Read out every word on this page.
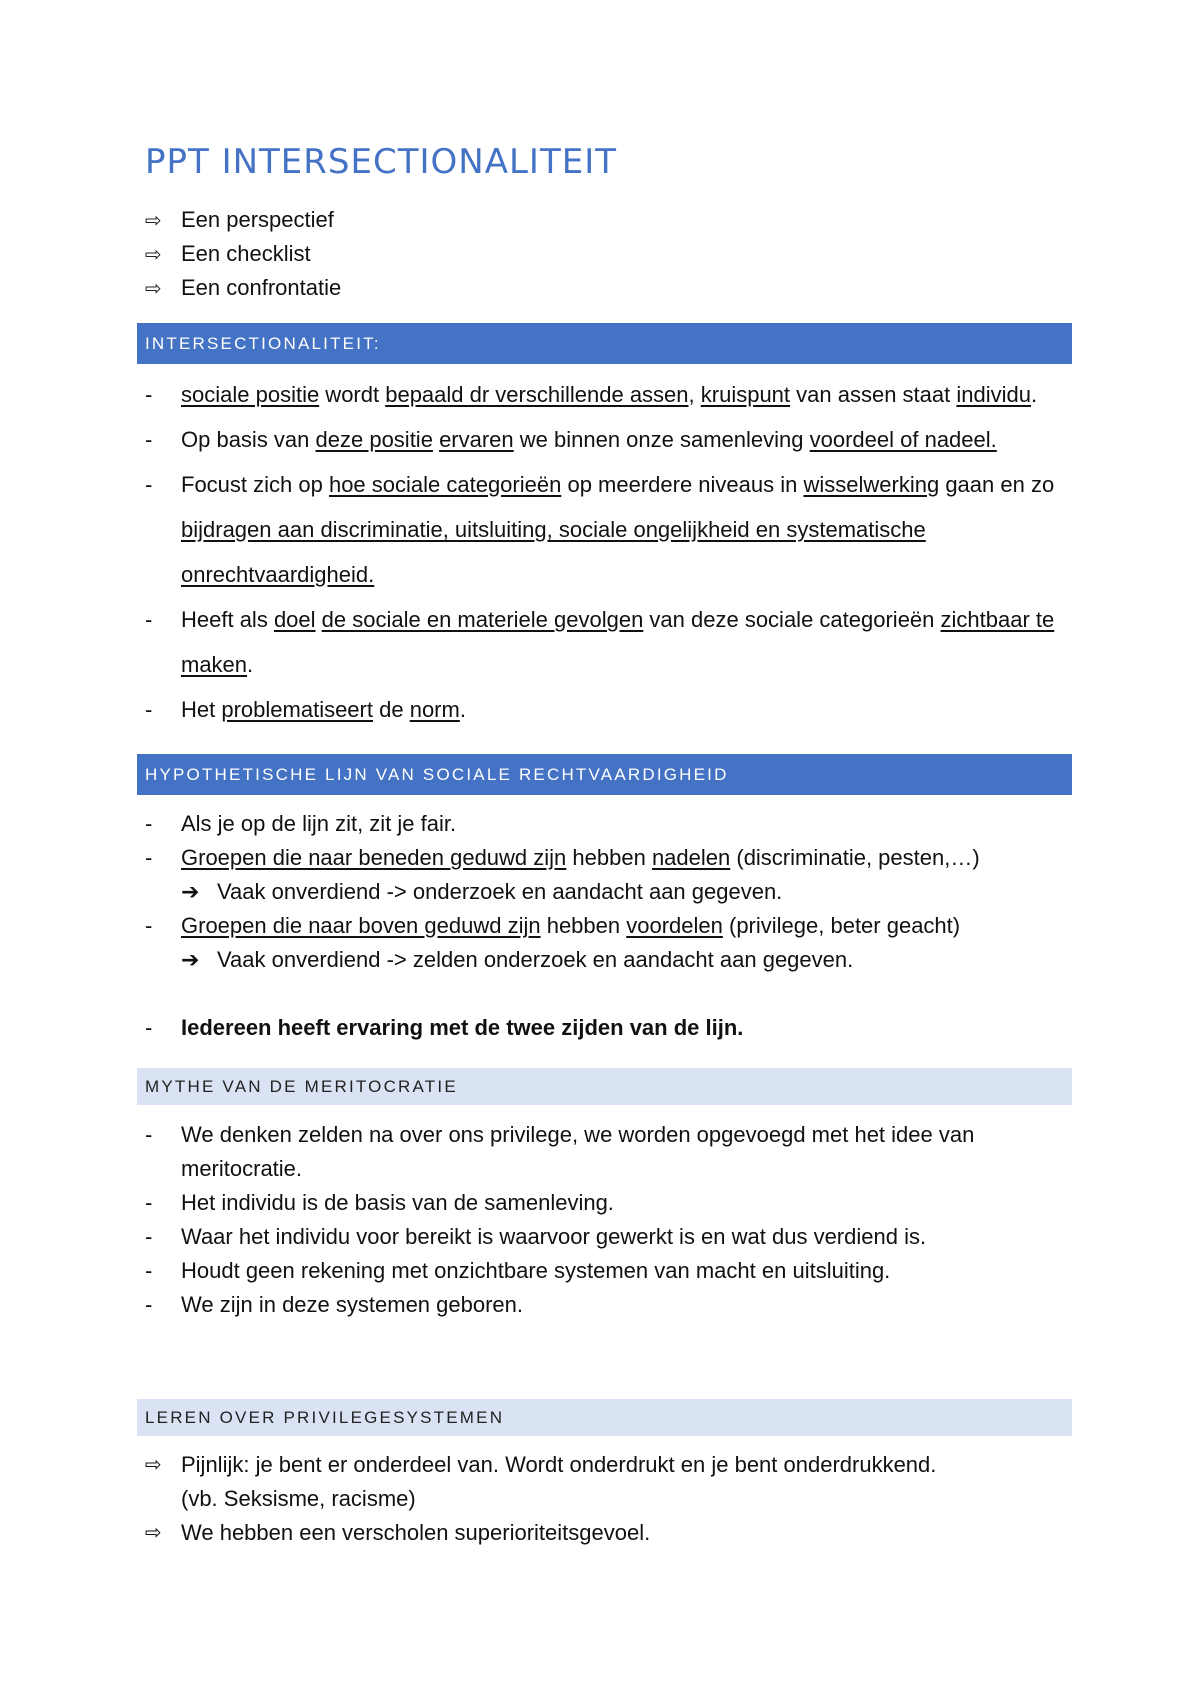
PPT INTERSECTIONALITEIT
⇨ Een perspectief
⇨ Een checklist
⇨ Een confrontatie
INTERSECTIONALITEIT:
- sociale positie wordt bepaald dr verschillende assen, kruispunt van assen staat individu.
- Op basis van deze positie ervaren we binnen onze samenleving voordeel of nadeel.
- Focust zich op hoe sociale categorieën op meerdere niveaus in wisselwerking gaan en zo
bijdragen aan discriminatie, uitsluiting, sociale ongelijkheid en systematische
onrechtvaardigheid.
- Heeft als doel de sociale en materiele gevolgen van deze sociale categorieën zichtbaar te
maken.
- Het problematiseert de norm.
HYPOTHETISCHE LIJN VAN SOCIALE RECHTVAARDIGHEID
- Als je op de lijn zit, zit je fair.
- Groepen die naar beneden geduwd zijn hebben nadelen (discriminatie, pesten,…)
➔ Vaak onverdiend -> onderzoek en aandacht aan gegeven.
- Groepen die naar boven geduwd zijn hebben voordelen (privilege, beter geacht)
➔ Vaak onverdiend -> zelden onderzoek en aandacht aan gegeven.
- Iedereen heeft ervaring met de twee zijden van de lijn.
MYTHE VAN DE MERITOCRATIE
- We denken zelden na over ons privilege, we worden opgevoegd met het idee van
meritocratie.
- Het individu is de basis van de samenleving.
- Waar het individu voor bereikt is waarvoor gewerkt is en wat dus verdiend is.
- Houdt geen rekening met onzichtbare systemen van macht en uitsluiting.
- We zijn in deze systemen geboren.
LEREN OVER PRIVILEGESYSTEMEN
⇨ Pijnlijk: je bent er onderdeel van. Wordt onderdrukt en je bent onderdrukkend.
(vb. Seksisme, racisme)
⇨ We hebben een verscholen superioriteitsgevoel.
